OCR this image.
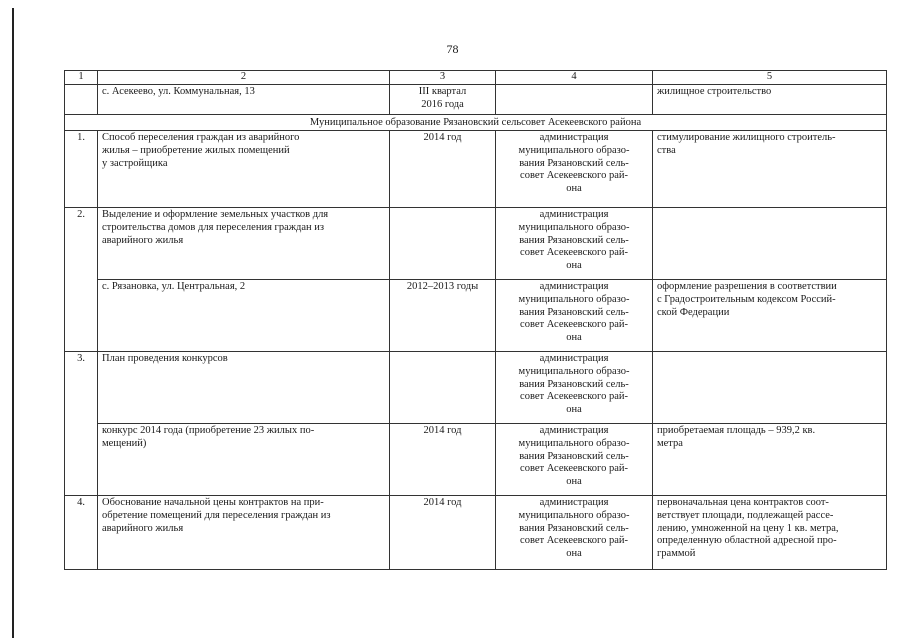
78
1	2	3	4	5

	с. Асекеево, ул. Коммунальная, 13	III квартал
2016 года		жилищное строительство

Муниципальное образование Рязановский сельсовет Асекеевского района				
1.	Способ переселения граждан из аварийного
жилья – приобретение жилых помещений
у застройщика	2014 год	администрация
муниципального образо-
вания Рязановский сель-
совет Асекеевского рай-
она	стимулирование жилищного строитель-
ства

2.	Выделение и оформление земельных участков для
строительства домов для переселения граждан из
аварийного жилья		администрация
муниципального образо-
вания Рязановский сель-
совет Асекеевского рай-
она	

	с. Рязановка, ул. Центральная, 2	2012–2013 годы	администрация
муниципального образо-
вания Рязановский сель-
совет Асекеевского рай-
она	оформление разрешения в соответствии
с Градостроительным кодексом Россий-
ской Федерации

3.	План проведения конкурсов		администрация
муниципального образо-
вания Рязановский сель-
совет Асекеевского рай-
она	

	конкурс 2014 года (приобретение 23 жилых по-
мещений)	2014 год	администрация
муниципального образо-
вания Рязановский сель-
совет Асекеевского рай-
она	приобретаемая площадь – 939,2 кв.
метра

4.	Обоснование начальной цены контрактов на при-
обретение помещений для переселения граждан из
аварийного жилья	2014 год	администрация
муниципального образо-
вания Рязановский сель-
совет Асекеевского рай-
она	первоначальная цена контрактов соот-
ветствует площади, подлежащей рассе-
лению, умноженной на цену 1 кв. метра,
определенную областной адресной про-
граммой
